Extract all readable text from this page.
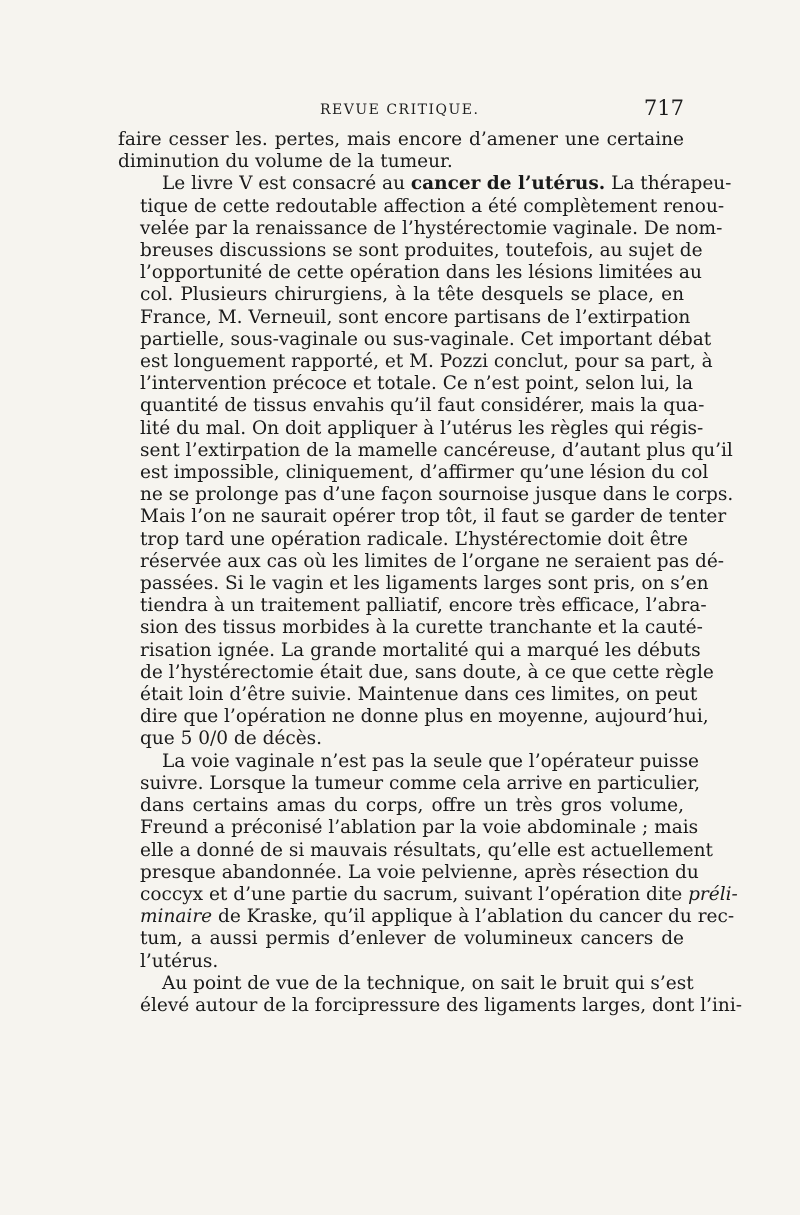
REVUE CRITIQUE.	717
faire cesser les. pertes, mais encore d’amener une certaine
diminution du volume de la tumeur.
Le livre V est consacré au cancer de l’utérus. La thérapeu-
tique de cette redoutable affection a été complètement renou-
velée par la renaissance de l’hystérectomie vaginale. De nom-
breuses discussions se sont produites, toutefois, au sujet de
l’opportunité de cette opération dans les lésions limitées au
col. Plusieurs chirurgiens, à la tête desquels se place, en
France, M. Verneuil, sont encore partisans de l’extirpation
partielle, sous-vaginale ou sus-vaginale. Cet important débat
est longuement rapporté, et M. Pozzi conclut, pour sa part, à
l’intervention précoce et totale. Ce n’est point, selon lui, la
quantité de tissus envahis qu’il faut considérer, mais la qua-
lité du mal. On doit appliquer à l’utérus les règles qui régis-
sent l’extirpation de la mamelle cancéreuse, d’autant plus qu’il
est impossible, cliniquement, d’affirmer qu’une lésion du col
ne se prolonge pas d’une façon sournoise jusque dans le corps.
Mais l’on ne saurait opérer trop tôt, il faut se garder de tenter
trop tard une opération radicale. L’hystérectomie doit être
réservée aux cas où les limites de l’organe ne seraient pas dé-
passées. Si le vagin et les ligaments larges sont pris, on s’en
tiendra à un traitement palliatif, encore très efficace, l’abra-
sion des tissus morbides à la curette tranchante et la cauté-
risation ignée. La grande mortalité qui a marqué les débuts
de l’hystérectomie était due, sans doute, à ce que cette règle
était loin d’être suivie. Maintenue dans ces limites, on peut
dire que l’opération ne donne plus en moyenne, aujourd’hui,
que 5 0/0 de décès.
La voie vaginale n’est pas la seule que l’opérateur puisse
suivre. Lorsque la tumeur comme cela arrive en particulier,
dans certains amas du corps, offre un très gros volume,
Freund a préconisé l’ablation par la voie abdominale ; mais
elle a donné de si mauvais résultats, qu’elle est actuellement
presque abandonnée. La voie pelvienne, après résection du
coccyx et d’une partie du sacrum, suivant l’opération dite préli-
minaire de Kraske, qu’il applique à l’ablation du cancer du rec-
tum, a aussi permis d’enlever de volumineux cancers de
l’utérus.
Au point de vue de la technique, on sait le bruit qui s’est
élevé autour de la forcipressure des ligaments larges, dont l’ini-
